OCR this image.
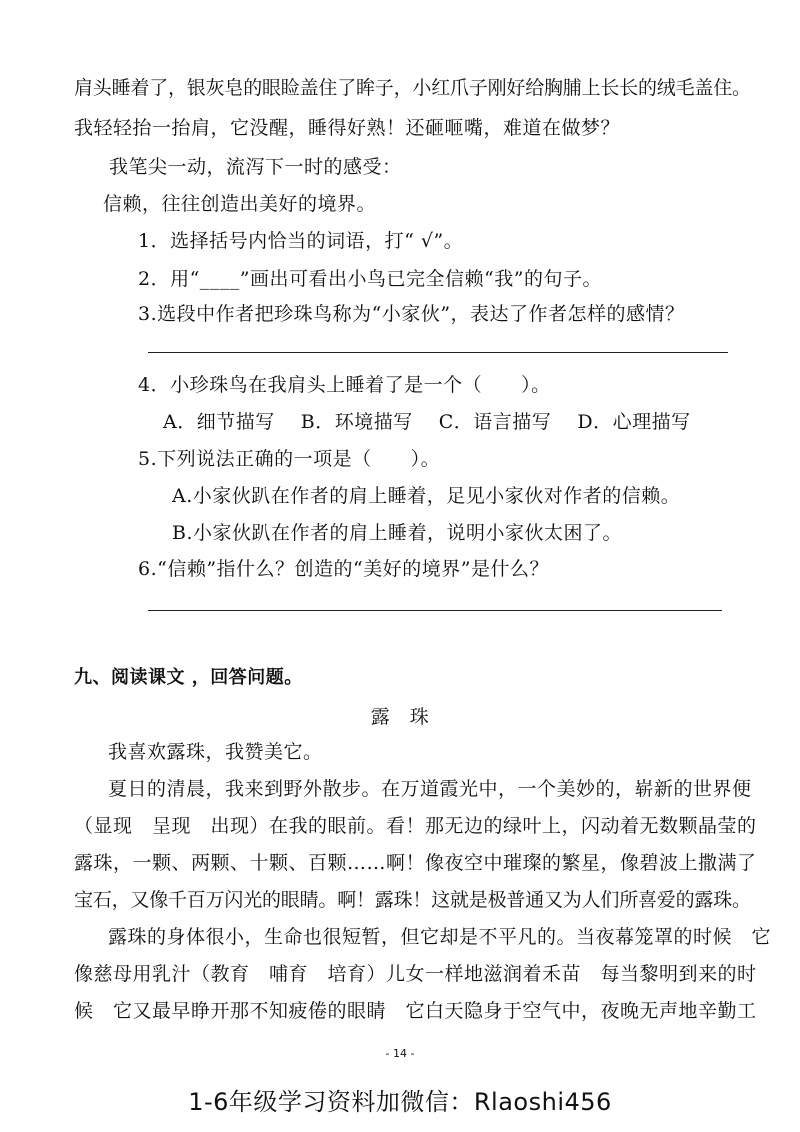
肩头睡着了，银灰皂的眼睑盖住了眸子，小红爪子刚好给胸脯上长长的绒毛盖住。
我轻轻抬一抬肩，它没醒，睡得好熟！还砸咂嘴，难道在做梦？
我笔尖一动，流泻下一时的感受：
信赖，往往创造出美好的境界。
1．选择括号内恰当的词语，打“ √”。
2．用“____”画出可看出小鸟已完全信赖“我”的句子。
3.选段中作者把珍珠鸟称为“小家伙”，表达了作者怎样的感情？
4．小珍珠鸟在我肩头上睡着了是一个（　　）。
A．细节描写　 B．环境描写　 C．语言描写　 D．心理描写
5.下列说法正确的一项是（　　）。
A.小家伙趴在作者的肩上睡着，足见小家伙对作者的信赖。
B.小家伙趴在作者的肩上睡着，说明小家伙太困了。
6.“信赖”指什么？创造的“美好的境界”是什么？
九、阅读课文 ，回答问题。
露　珠
我喜欢露珠，我赞美它。
夏日的清晨，我来到野外散步。在万道霞光中，一个美妙的，崭新的世界便
（显现　呈现　出现）在我的眼前。看！那无边的绿叶上，闪动着无数颗晶莹的
露珠，一颗、两颗、十颗、百颗……啊！像夜空中璀璨的繁星，像碧波上撒满了
宝石，又像千百万闪光的眼睛。啊！露珠！这就是极普通又为人们所喜爱的露珠。
露珠的身体很小，生命也很短暂，但它却是不平凡的。当夜幕笼罩的时候　它
像慈母用乳汁（教育　哺育　培育）儿女一样地滋润着禾苗　每当黎明到来的时
候　它又最早睁开那不知疲倦的眼睛　它白天隐身于空气中，夜晚无声地辛勤工
- 14 -
1-6年级学习资料加微信：Rlaoshi456
